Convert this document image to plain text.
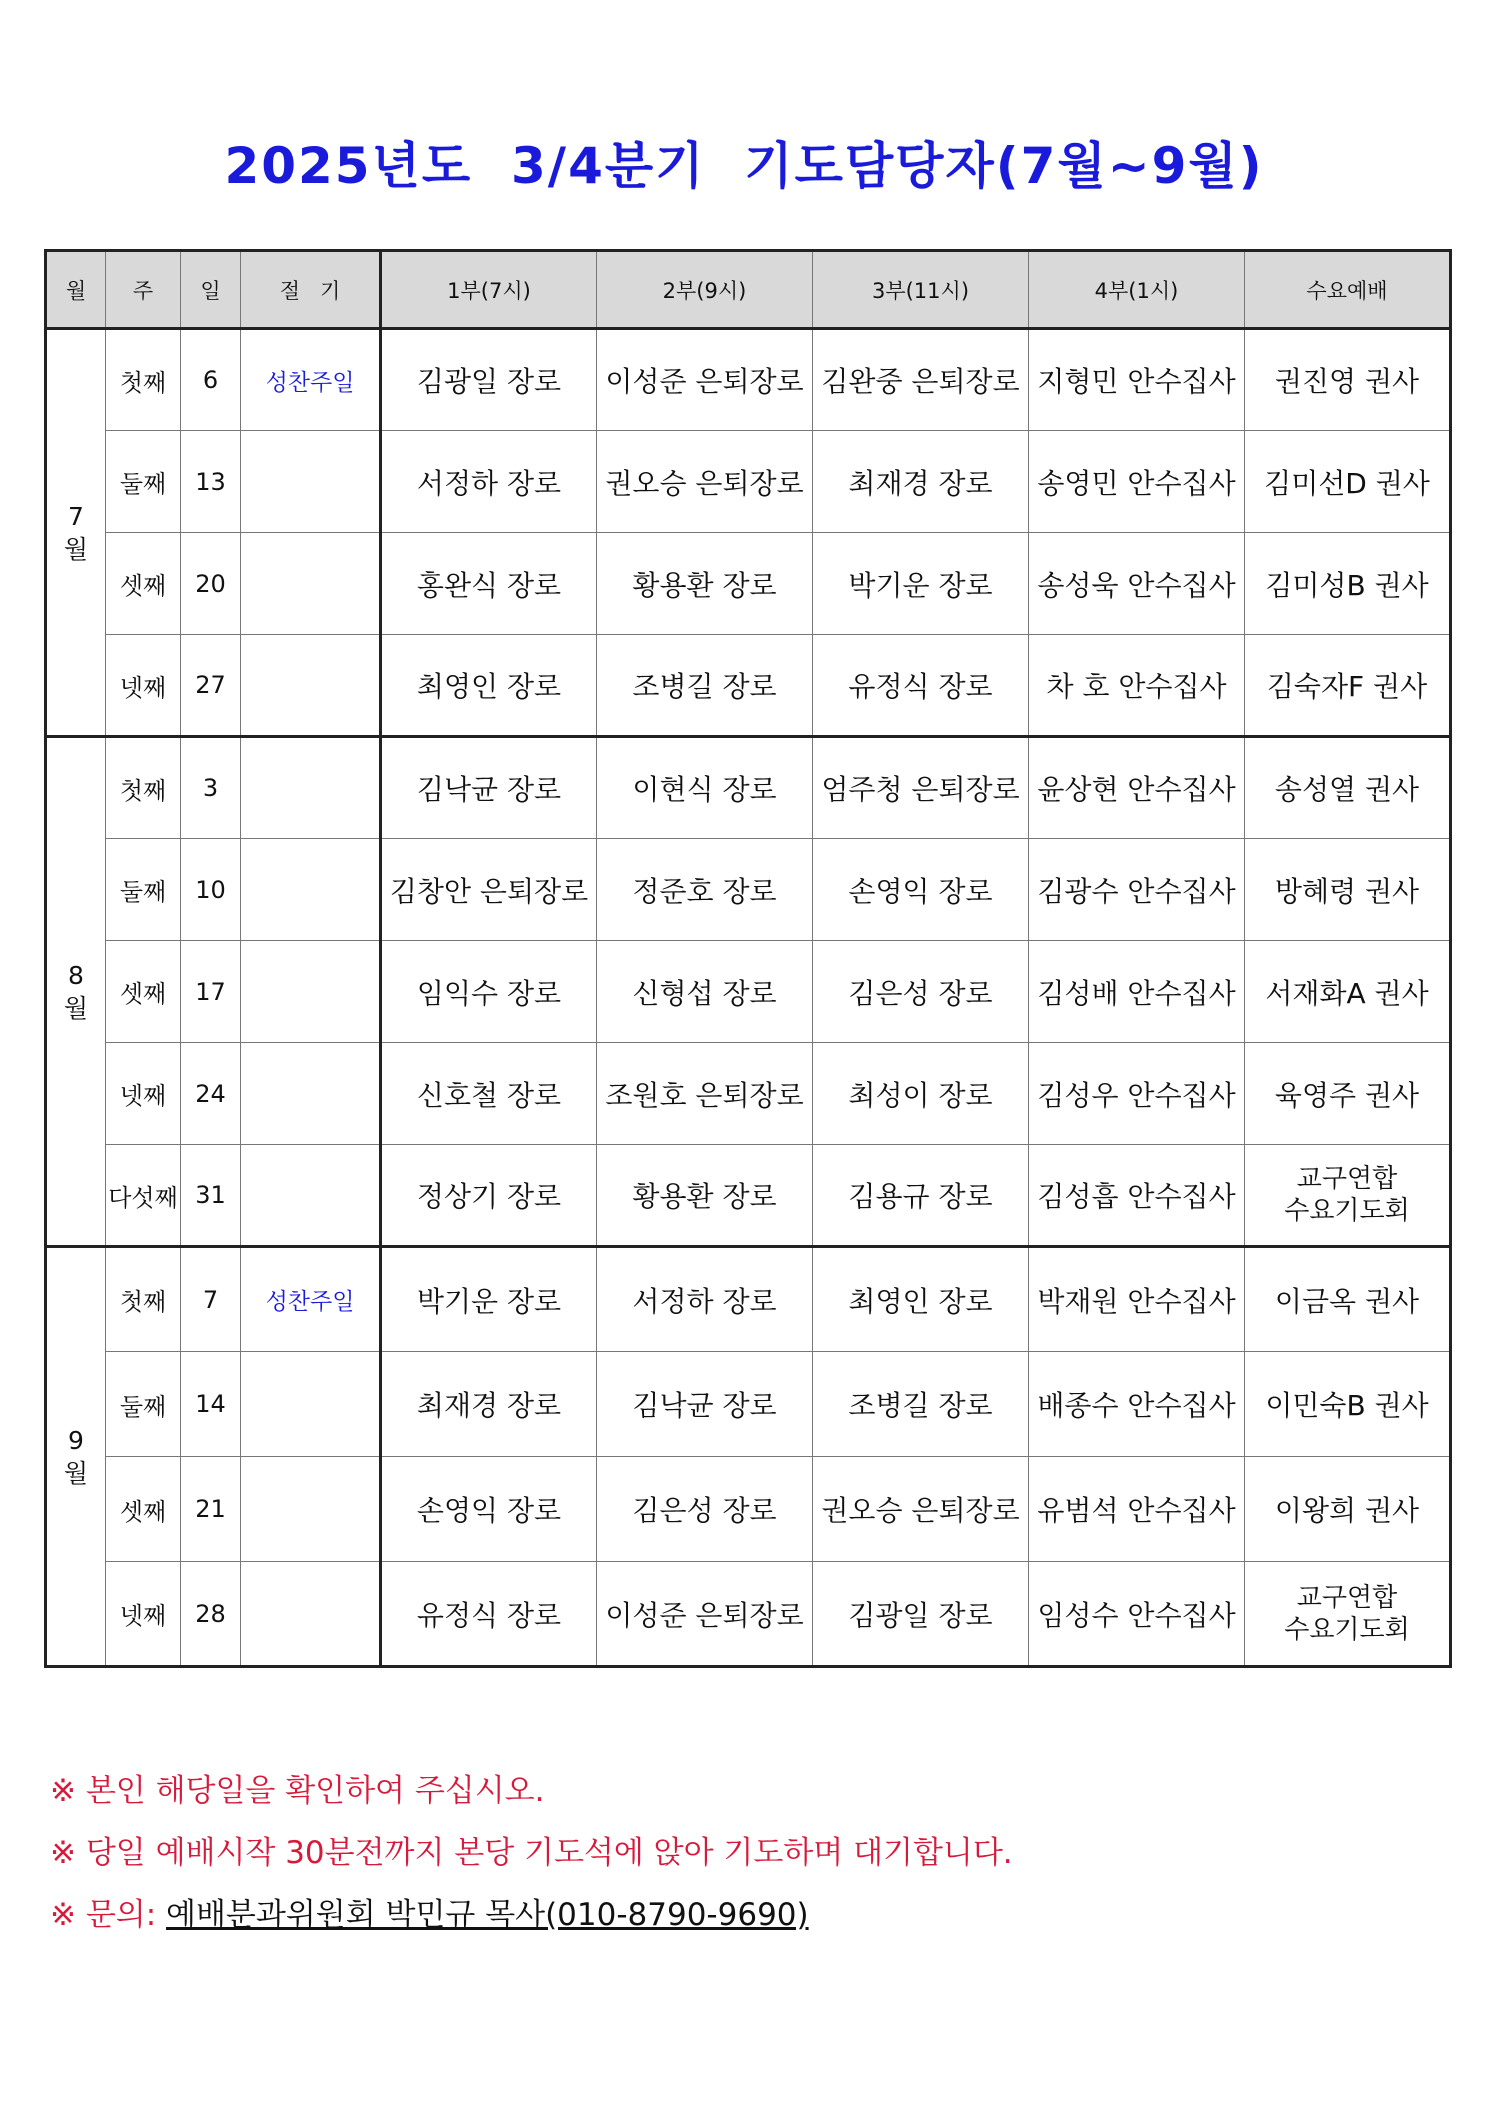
2025년도  3/4분기  기도담당자(7월~9월)
월	주	일	절   기	1부(7시)	2부(9시)	3부(11시)	4부(1시)	수요예배
7
월	첫째	6	성찬주일	김광일 장로	이성준 은퇴장로	김완중 은퇴장로	지형민 안수집사	권진영 권사
	둘째	13		서정하 장로	권오승 은퇴장로	최재경 장로	송영민 안수집사	김미선D 권사
	셋째	20		홍완식 장로	황용환 장로	박기운 장로	송성욱 안수집사	김미성B 권사
	넷째	27		최영인 장로	조병길 장로	유정식 장로	차 호 안수집사	김숙자F 권사
8
월	첫째	3		김낙균 장로	이현식 장로	엄주청 은퇴장로	윤상현 안수집사	송성열 권사
	둘째	10		김창안 은퇴장로	정준호 장로	손영익 장로	김광수 안수집사	방혜령 권사
	셋째	17		임익수 장로	신형섭 장로	김은성 장로	김성배 안수집사	서재화A 권사
	넷째	24		신호철 장로	조원호 은퇴장로	최성이 장로	김성우 안수집사	육영주 권사
	다섯째	31		정상기 장로	황용환 장로	김용규 장로	김성흡 안수집사	교구연합
수요기도회
9
월	첫째	7	성찬주일	박기운 장로	서정하 장로	최영인 장로	박재원 안수집사	이금옥 권사
	둘째	14		최재경 장로	김낙균 장로	조병길 장로	배종수 안수집사	이민숙B 권사
	셋째	21		손영익 장로	김은성 장로	권오승 은퇴장로	유범석 안수집사	이왕희 권사
	넷째	28		유정식 장로	이성준 은퇴장로	김광일 장로	임성수 안수집사	교구연합
수요기도회
※ 본인 해당일을 확인하여 주십시오.
※ 당일 예배시작 30분전까지 본당 기도석에 앉아 기도하며 대기합니다.
※ 문의: 예배분과위원회 박민규 목사(010-8790-9690)
